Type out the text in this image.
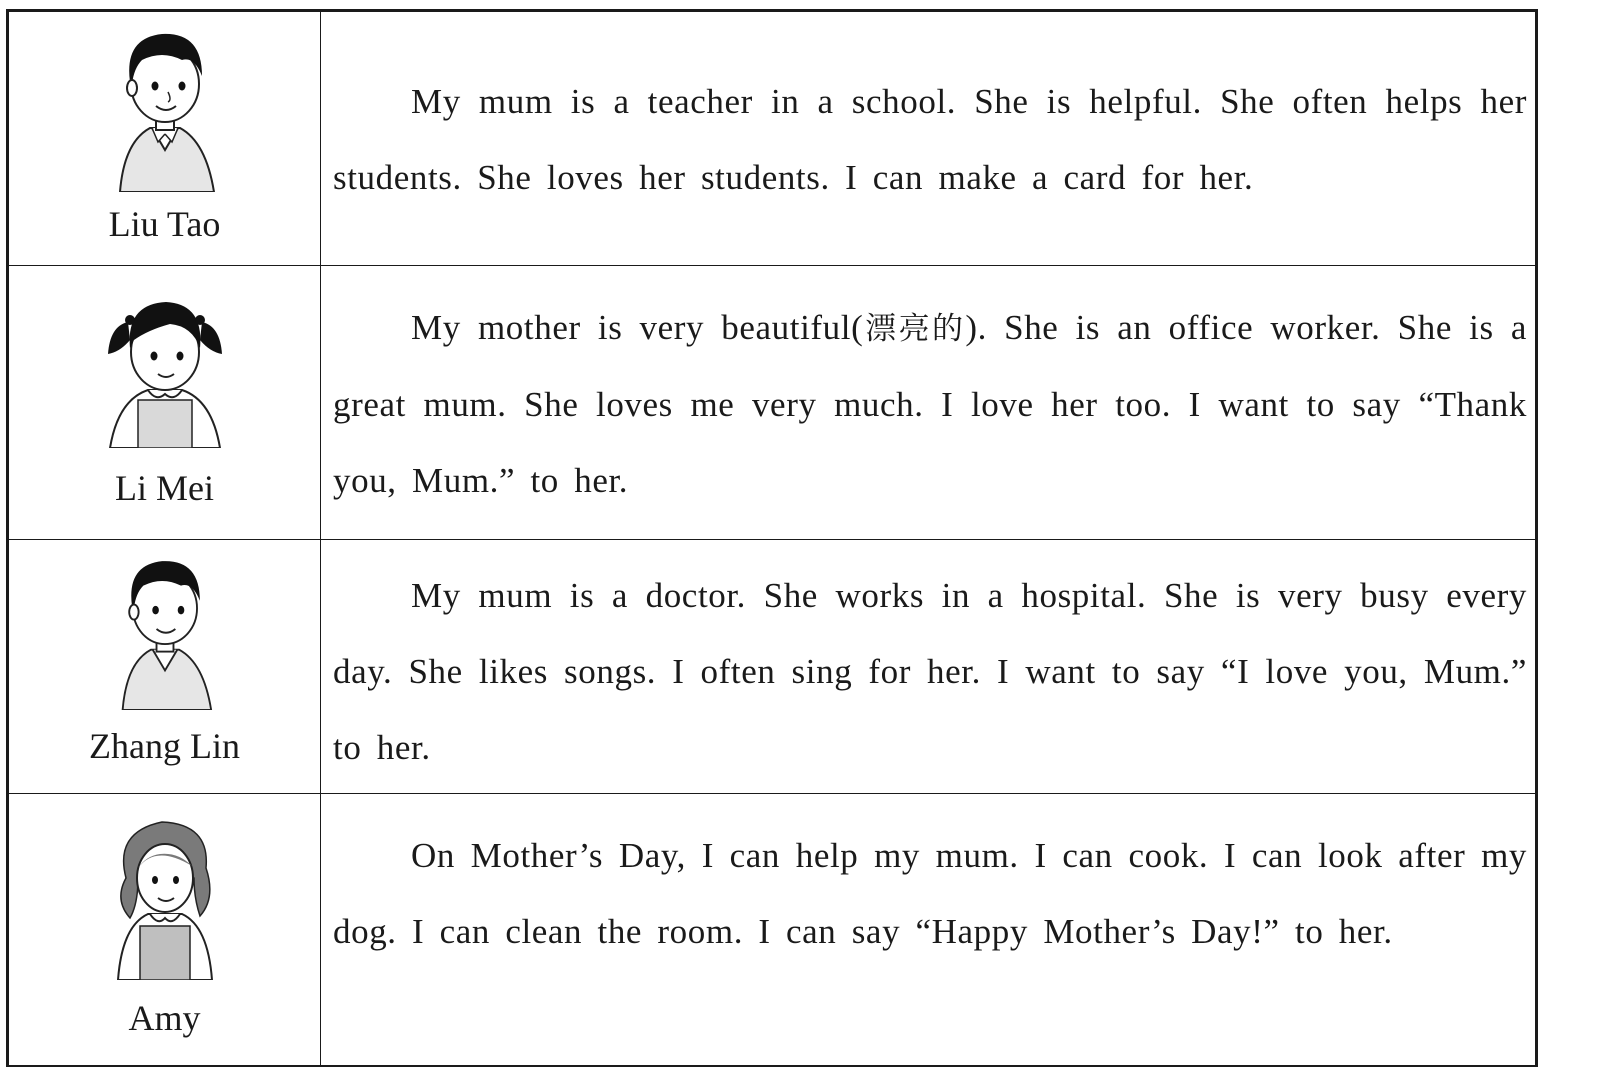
Liu Tao	My mum is a teacher in a school. She is helpful. She often helps her students. She loves her students. I can make a card for her.

Li Mei	My mother is very beautiful(漂亮的). She is an office worker. She is a great mum. She loves me very much. I love her too. I want to say “Thank you, Mum.” to her.

Zhang Lin	My mum is a doctor. She works in a hospital. She is very busy every day. She likes songs. I often sing for her. I want to say “I love you, Mum.” to her.

Amy	On Mother’s Day, I can help my mum. I can cook. I can look after my dog. I can clean the room. I can say “Happy Mother’s Day!” to her.
